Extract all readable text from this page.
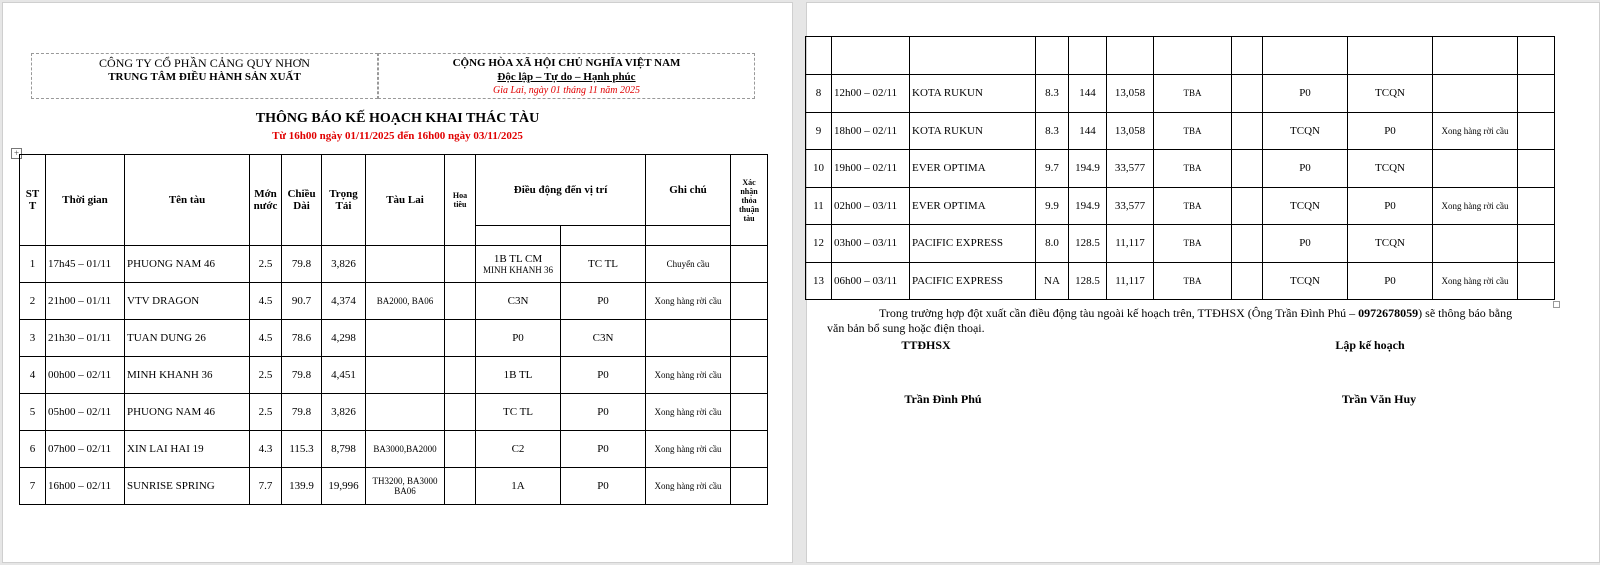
CÔNG TY CỔ PHẦN CẢNG QUY NHƠN
TRUNG TÂM ĐIỀU HÀNH SẢN XUẤT
CỘNG HÒA XÃ HỘI CHỦ NGHĨA VIỆT NAM
Độc lập – Tự do – Hạnh phúc
Gia Lai, ngày 01 tháng 11 năm 2025
THÔNG BÁO KẾ HOẠCH KHAI THÁC TÀU
Từ 16h00 ngày 01/11/2025 đến 16h00 ngày 03/11/2025
+
ST T	Thời gian	Tên tàu	Mớn nước	Chiều Dài	Trọng Tải	Tàu Lai	Hoa tiêu	Điều động đến vị trí		Ghi chú	Xác nhận thỏa thuận tàu

1	17h45 – 01/11	PHUONG NAM 46	2.5	79.8	3,826			1B TL CM
MINH KHANH 36	TC TL	Chuyển cầu	
2	21h00 – 01/11	VTV DRAGON	4.5	90.7	4,374	BA2000, BA06		C3N	P0	Xong hàng rời cầu	
3	21h30 – 01/11	TUAN DUNG 26	4.5	78.6	4,298			P0	C3N		
4	00h00 – 02/11	MINH KHANH 36	2.5	79.8	4,451			1B TL	P0	Xong hàng rời cầu	
5	05h00 – 02/11	PHUONG NAM 46	2.5	79.8	3,826			TC TL	P0	Xong hàng rời cầu	
6	07h00 – 02/11	XIN LAI HAI 19	4.3	115.3	8,798	BA3000,BA2000		C2	P0	Xong hàng rời cầu	
7	16h00 – 02/11	SUNRISE SPRING	7.7	139.9	19,996	TH3200, BA3000
BA06		1A	P0	Xong hàng rời cầu	

8	12h00 – 02/11	KOTA RUKUN	8.3	144	13,058	TBA		P0	TCQN		
9	18h00 – 02/11	KOTA RUKUN	8.3	144	13,058	TBA		TCQN	P0	Xong hàng rời cầu	
10	19h00 – 02/11	EVER OPTIMA	9.7	194.9	33,577	TBA		P0	TCQN		
11	02h00 – 03/11	EVER OPTIMA	9.9	194.9	33,577	TBA		TCQN	P0	Xong hàng rời cầu	
12	03h00 – 03/11	PACIFIC EXPRESS	8.0	128.5	11,117	TBA		P0	TCQN		
13	06h00 – 03/11	PACIFIC EXPRESS	NA	128.5	11,117	TBA		TCQN	P0	Xong hàng rời cầu	
Trong trường hợp đột xuất cần điều động tàu ngoài kế hoạch trên, TTĐHSX (Ông Trần Đình Phú – 0972678059) sẽ thông báo bằng
văn bản bổ sung hoặc điện thoại.
TTĐHSX	Lập kế hoạch
Trần Đình Phú	Trần Văn Huy
